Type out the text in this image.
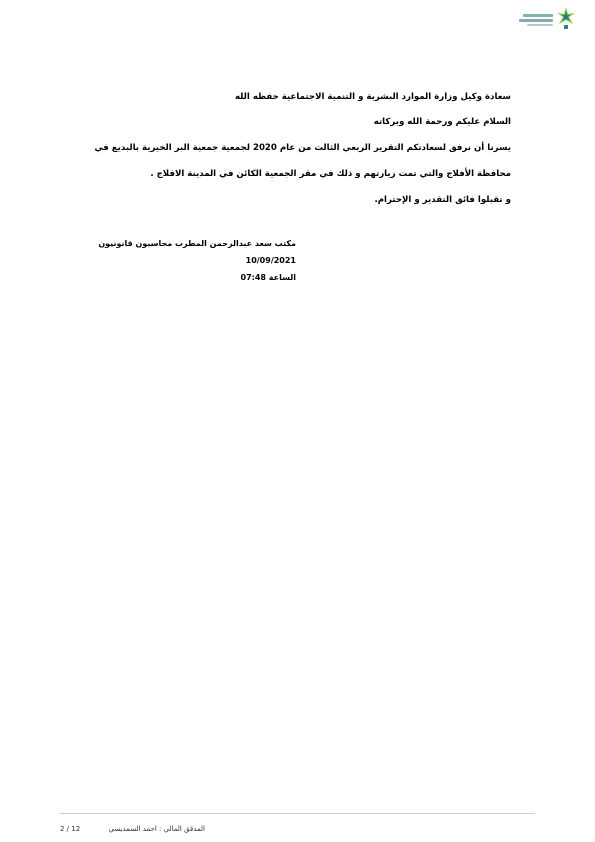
سعادة وكيل وزارة الموارد البشرية و التنمية الاجتماعية حفظه الله
السلام عليكم ورحمة الله وبركاته
يسرنا أن نرفق لسعادتكم التقرير الربعي الثالث من عام 2020 لجمعية جمعية البر الخيرية بالبديع في
محافظة الأفلاج والتي تمت زيارتهم و ذلك في مقر الجمعية الكائن في المدينة الافلاج .
و تقبلوا فائق التقدير و الإحترام.
مكتب سعد عبدالرحمن المطرب محاسبون قانونيون
10/09/2021
الساعة 07:48
المدقق المالي : احمد السمديسي
2 / 12
